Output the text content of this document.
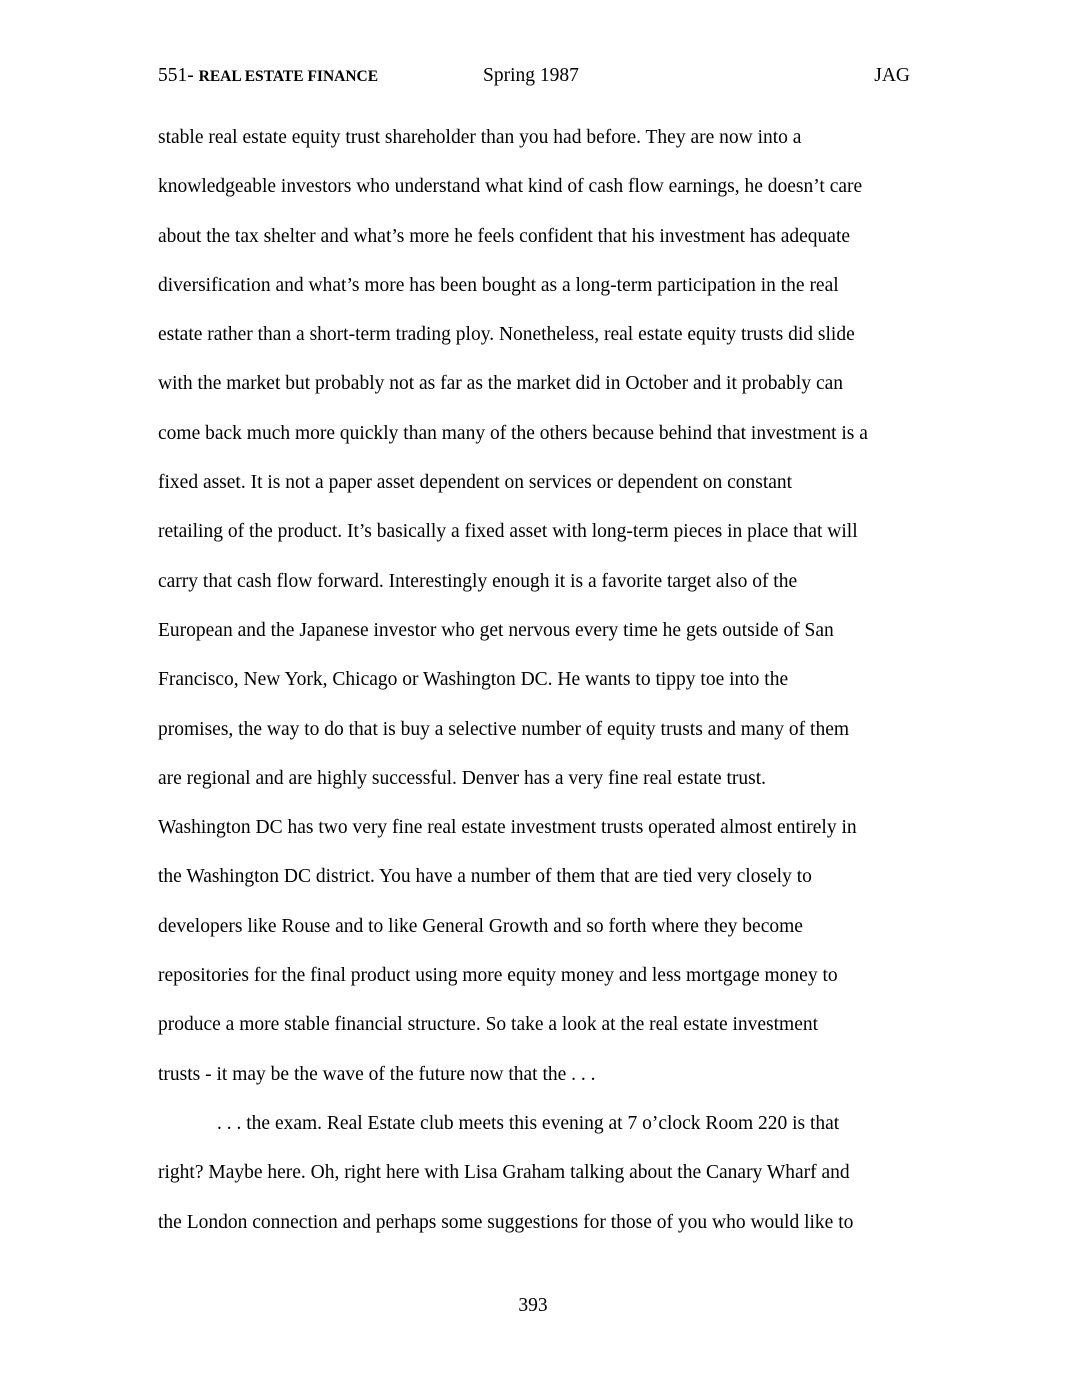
551- REAL ESTATE FINANCE	Spring 1987	JAG
stable real estate equity trust shareholder than you had before. They are now into a
knowledgeable investors who understand what kind of cash flow earnings, he doesn’t care
about the tax shelter and what’s more he feels confident that his investment has adequate
diversification and what’s more has been bought as a long-term participation in the real
estate rather than a short-term trading ploy. Nonetheless, real estate equity trusts did slide
with the market but probably not as far as the market did in October and it probably can
come back much more quickly than many of the others because behind that investment is a
fixed asset. It is not a paper asset dependent on services or dependent on constant
retailing of the product. It’s basically a fixed asset with long-term pieces in place that will
carry that cash flow forward. Interestingly enough it is a favorite target also of the
European and the Japanese investor who get nervous every time he gets outside of San
Francisco, New York, Chicago or Washington DC. He wants to tippy toe into the
promises, the way to do that is buy a selective number of equity trusts and many of them
are regional and are highly successful. Denver has a very fine real estate trust.
Washington DC has two very fine real estate investment trusts operated almost entirely in
the Washington DC district. You have a number of them that are tied very closely to
developers like Rouse and to like General Growth and so forth where they become
repositories for the final product using more equity money and less mortgage money to
produce a more stable financial structure. So take a look at the real estate investment
trusts - it may be the wave of the future now that the . . .
. . . the exam. Real Estate club meets this evening at 7 o’clock Room 220 is that
right? Maybe here. Oh, right here with Lisa Graham talking about the Canary Wharf and
the London connection and perhaps some suggestions for those of you who would like to
393
